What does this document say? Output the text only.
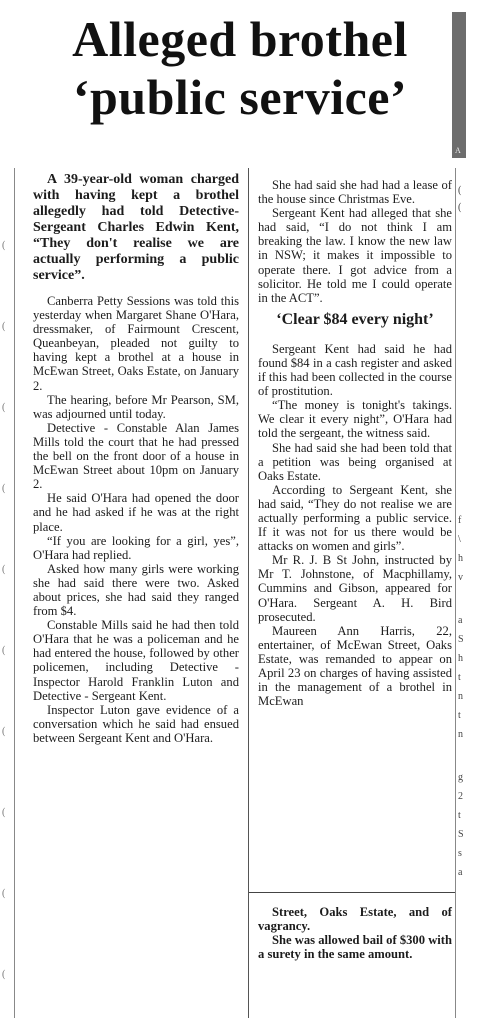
Alleged brothel
‘public service’
A

A 39-year-old woman charged with having kept a brothel allegedly had told Detective-Sergeant Charles Edwin Kent, “They don't realise we are actually performing a public service”.

Canberra Petty Sessions was told this yesterday when Margaret Shane O'Hara, dressmaker, of Fairmount Crescent, Queanbeyan, pleaded not guilty to having kept a brothel at a house in McEwan Street, Oaks Estate, on January 2.

The hearing, before Mr Pearson, SM, was adjourned until today.

Detective - Constable Alan James Mills told the court that he had pressed the bell on the front door of a house in McEwan Street about 10pm on January 2.

He said O'Hara had opened the door and he had asked if he was at the right place.

“If you are looking for a girl, yes”, O'Hara had replied.

Asked how many girls were working she had said there were two. Asked about prices, she had said they ranged from $4.

Constable Mills said he had then told O'Hara that he was a policeman and he had entered the house, followed by other policemen, including Detective - Inspector Harold Franklin Luton and Detective - Sergeant Kent.

Inspector Luton gave evidence of a conversation which he said had ensued between Sergeant Kent and O'Hara.

She had said she had had a lease of the house since Christmas Eve.

Sergeant Kent had alleged that she had said, “I do not think I am breaking the law. I know the new law in NSW; it makes it impossible to operate there. I got advice from a solicitor. He told me I could operate in the ACT”.

‘Clear $84 every night’

Sergeant Kent had said he had found $84 in a cash register and asked if this had been collected in the course of prostitution.

“The money is tonight's takings. We clear it every night”, O'Hara had told the sergeant, the witness said.

She had said she had been told that a petition was being organised at Oaks Estate.

According to Sergeant Kent, she had said, “They do not realise we are actually performing a public service. If it was not for us there would be attacks on women and girls”.

Mr R. J. B St John, instructed by Mr T. Johnstone, of Macphillamy, Cummins and Gibson, appeared for O'Hara. Sergeant A. H. Bird prosecuted.

Maureen Ann Harris, 22, entertainer, of McEwan Street, Oaks Estate, was remanded to appear on April 23 on charges of having assisted in the management of a brothel in McEwan

Street, Oaks Estate, and of vagrancy.

She was allowed bail of $300 with a surety in the same amount.

(
(
f
\
h
v
a
S
h
t
n
t
n
g
2
t
S
s
a
(
(
(
(
(
(
(
(
(
(
